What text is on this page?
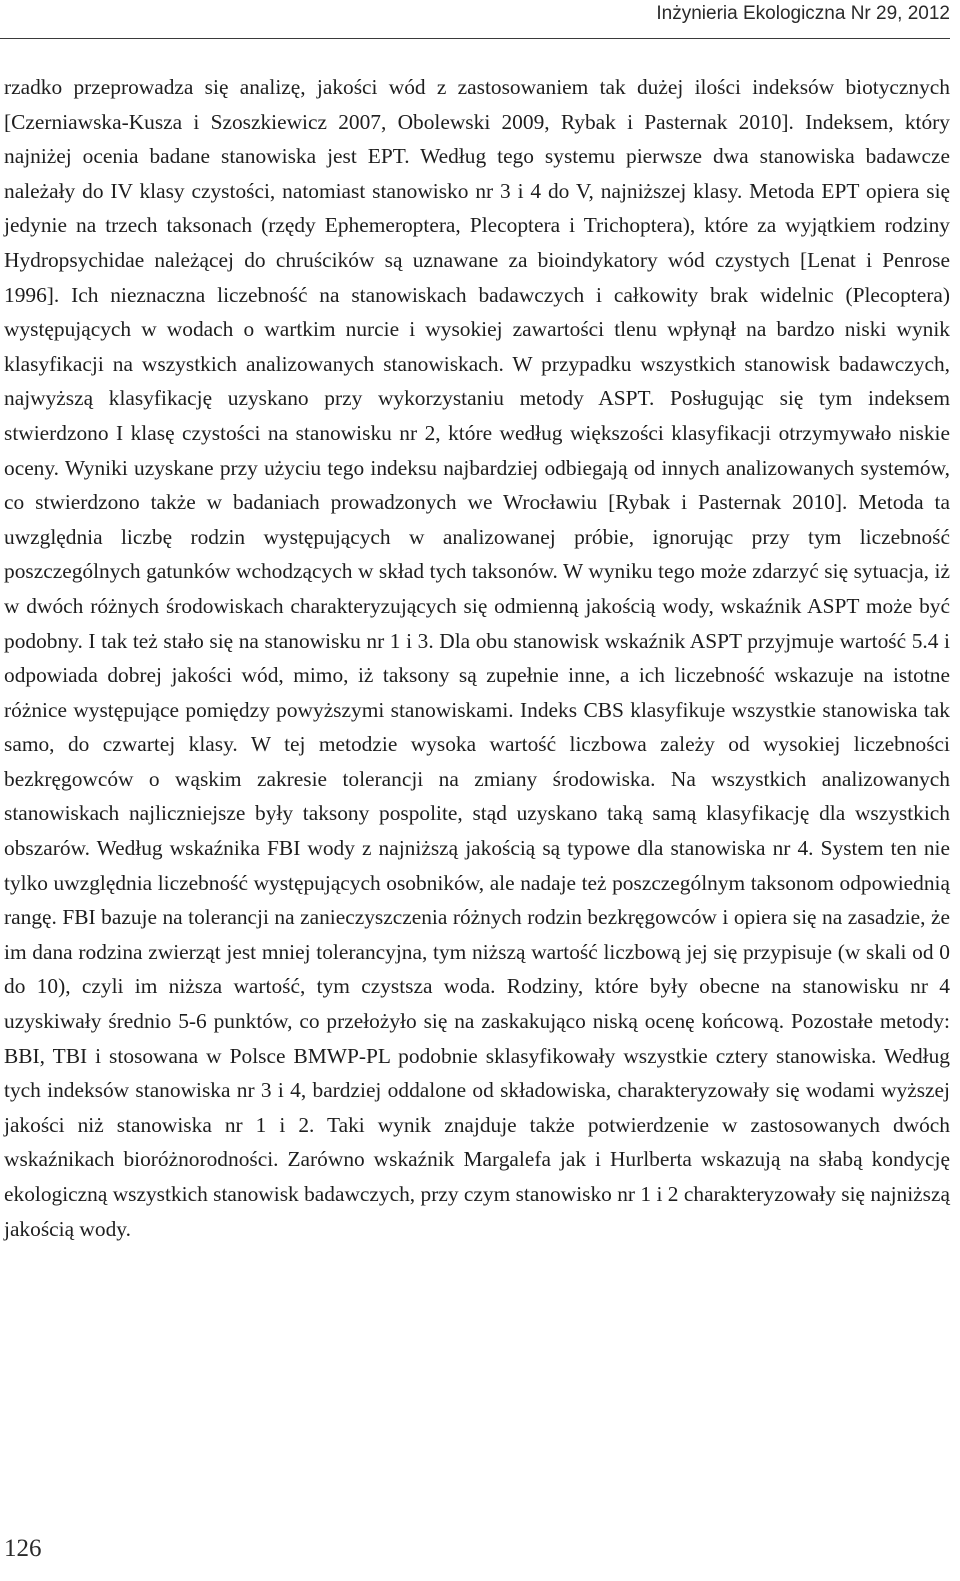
Inżynieria Ekologiczna Nr 29, 2012

rzadko przeprowadza się analizę, jakości wód z zastosowaniem tak dużej ilości indeksów biotycznych [Czerniawska-Kusza i Szoszkiewicz 2007, Obolewski 2009, Rybak i Pasternak 2010]. Indeksem, który najniżej ocenia badane stanowiska jest EPT. Według tego systemu pierwsze dwa stanowiska badawcze należały do IV klasy czystości, natomiast stanowisko nr 3 i 4 do V, najniższej klasy. Metoda EPT opiera się jedynie na trzech taksonach (rzędy Ephemeroptera, Plecoptera i Trichoptera), które za wyjątkiem rodziny Hydropsychidae należącej do chruścików są uznawane za bioindykatory wód czystych [Lenat i Penrose 1996]. Ich nieznaczna liczebność na stanowiskach badawczych i całkowity brak widelnic (Plecoptera) występujących w wodach o wartkim nurcie i wysokiej zawartości tlenu wpłynął na bardzo niski wynik klasyfikacji na wszystkich analizowanych stanowiskach. W przypadku wszystkich stanowisk badawczych, najwyższą klasyfikację uzyskano przy wykorzystaniu metody ASPT. Posługując się tym indeksem stwierdzono I klasę czystości na stanowisku nr 2, które według większości klasyfikacji otrzymywało niskie oceny. Wyniki uzyskane przy użyciu tego indeksu najbardziej odbiegają od innych analizowanych systemów, co stwierdzono także w badaniach prowadzonych we Wrocławiu [Rybak i Pasternak 2010]. Metoda ta uwzględnia liczbę rodzin występujących w analizowanej próbie, ignorując przy tym liczebność poszczególnych gatunków wchodzących w skład tych taksonów. W wyniku tego może zdarzyć się sytuacja, iż w dwóch różnych środowiskach charakteryzujących się odmienną jakością wody, wskaźnik ASPT może być podobny. I tak też stało się na stanowisku nr 1 i 3. Dla obu stanowisk wskaźnik ASPT przyjmuje wartość 5.4 i odpowiada dobrej jakości wód, mimo, iż taksony są zupełnie inne, a ich liczebność wskazuje na istotne różnice występujące pomiędzy powyższymi stanowiskami. Indeks CBS klasyfikuje wszystkie stanowiska tak samo, do czwartej klasy. W tej metodzie wysoka wartość liczbowa zależy od wysokiej liczebności bezkręgowców o wąskim zakresie tolerancji na zmiany środowiska. Na wszystkich analizowanych stanowiskach najliczniejsze były taksony pospolite, stąd uzyskano taką samą klasyfikację dla wszystkich obszarów. Według wskaźnika FBI wody z najniższą jakością są typowe dla stanowiska nr 4. System ten nie tylko uwzględnia liczebność występujących osobników, ale nadaje też poszczególnym taksonom odpowiednią rangę. FBI bazuje na tolerancji na zanieczyszczenia różnych rodzin bezkręgowców i opiera się na zasadzie, że im dana rodzina zwierząt jest mniej tolerancyjna, tym niższą wartość liczbową jej się przypisuje (w skali od 0 do 10), czyli im niższa wartość, tym czystsza woda. Rodziny, które były obecne na stanowisku nr 4 uzyskiwały średnio 5-6 punktów, co przełożyło się na zaskakująco niską ocenę końcową. Pozostałe metody: BBI, TBI i stosowana w Polsce BMWP-PL podobnie sklasyfikowały wszystkie cztery stanowiska. Według tych indeksów stanowiska nr 3 i 4, bardziej oddalone od składowiska, charakteryzowały się wodami wyższej jakości niż stanowiska nr 1 i 2. Taki wynik znajduje także potwierdzenie w zastosowanych dwóch wskaźnikach bioróżnorodności. Zarówno wskaźnik Margalefa jak i Hurlberta wskazują na słabą kondycję ekologiczną wszystkich stanowisk badawczych, przy czym stanowisko nr 1 i 2 charakteryzowały się najniższą jakością wody.

126
